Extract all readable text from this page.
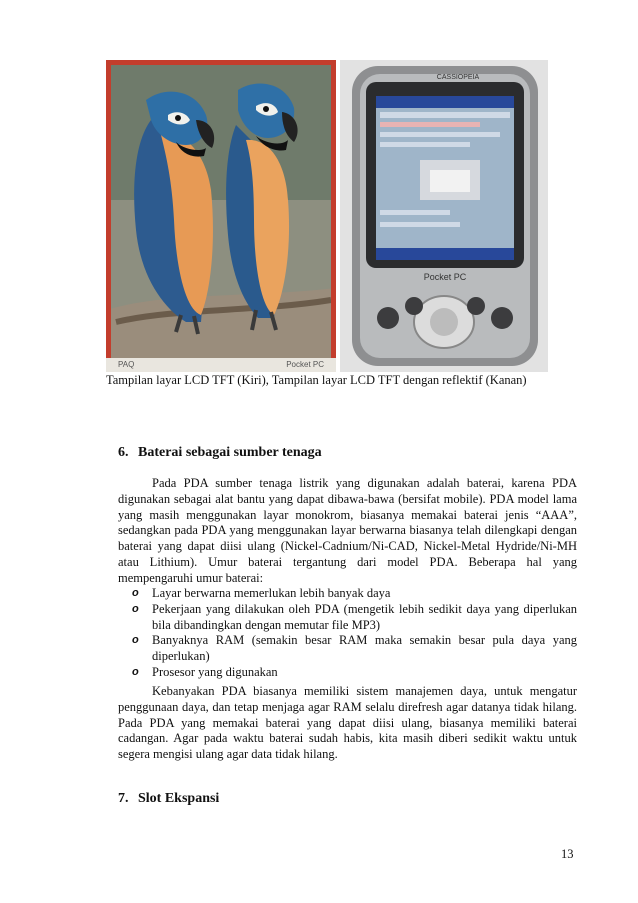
PAQ	Pocket PC
Pocket PC
CASSIOPEIA
Tampilan layar LCD TFT (Kiri), Tampilan layar LCD TFT dengan reflektif (Kanan)
6. Baterai sebagai sumber tenaga
Pada PDA sumber tenaga listrik yang digunakan adalah baterai, karena PDA digunakan sebagai alat bantu yang dapat dibawa-bawa (bersifat mobile). PDA model lama yang masih menggunakan layar monokrom, biasanya memakai baterai jenis “AAA”, sedangkan pada PDA yang menggunakan layar berwarna biasanya telah dilengkapi dengan baterai yang dapat diisi ulang (Nickel-Cadnium/Ni-CAD, Nickel-Metal Hydride/Ni-MH atau Lithium). Umur baterai tergantung dari model PDA. Beberapa hal yang mempengaruhi umur baterai:
o Layar berwarna memerlukan lebih banyak daya
o Pekerjaan yang dilakukan oleh PDA (mengetik lebih sedikit daya yang diperlukan bila dibandingkan dengan memutar file MP3)
o Banyaknya RAM (semakin besar RAM maka semakin besar pula daya yang diperlukan)
o Prosesor yang digunakan
Kebanyakan PDA biasanya memiliki sistem manajemen daya, untuk mengatur penggunaan daya, dan tetap menjaga agar RAM selalu direfresh agar datanya tidak hilang. Pada PDA yang memakai baterai yang dapat diisi ulang, biasanya memiliki baterai cadangan. Agar pada waktu baterai sudah habis, kita masih diberi sedikit waktu untuk segera mengisi ulang agar data tidak hilang.
7. Slot Ekspansi
13
